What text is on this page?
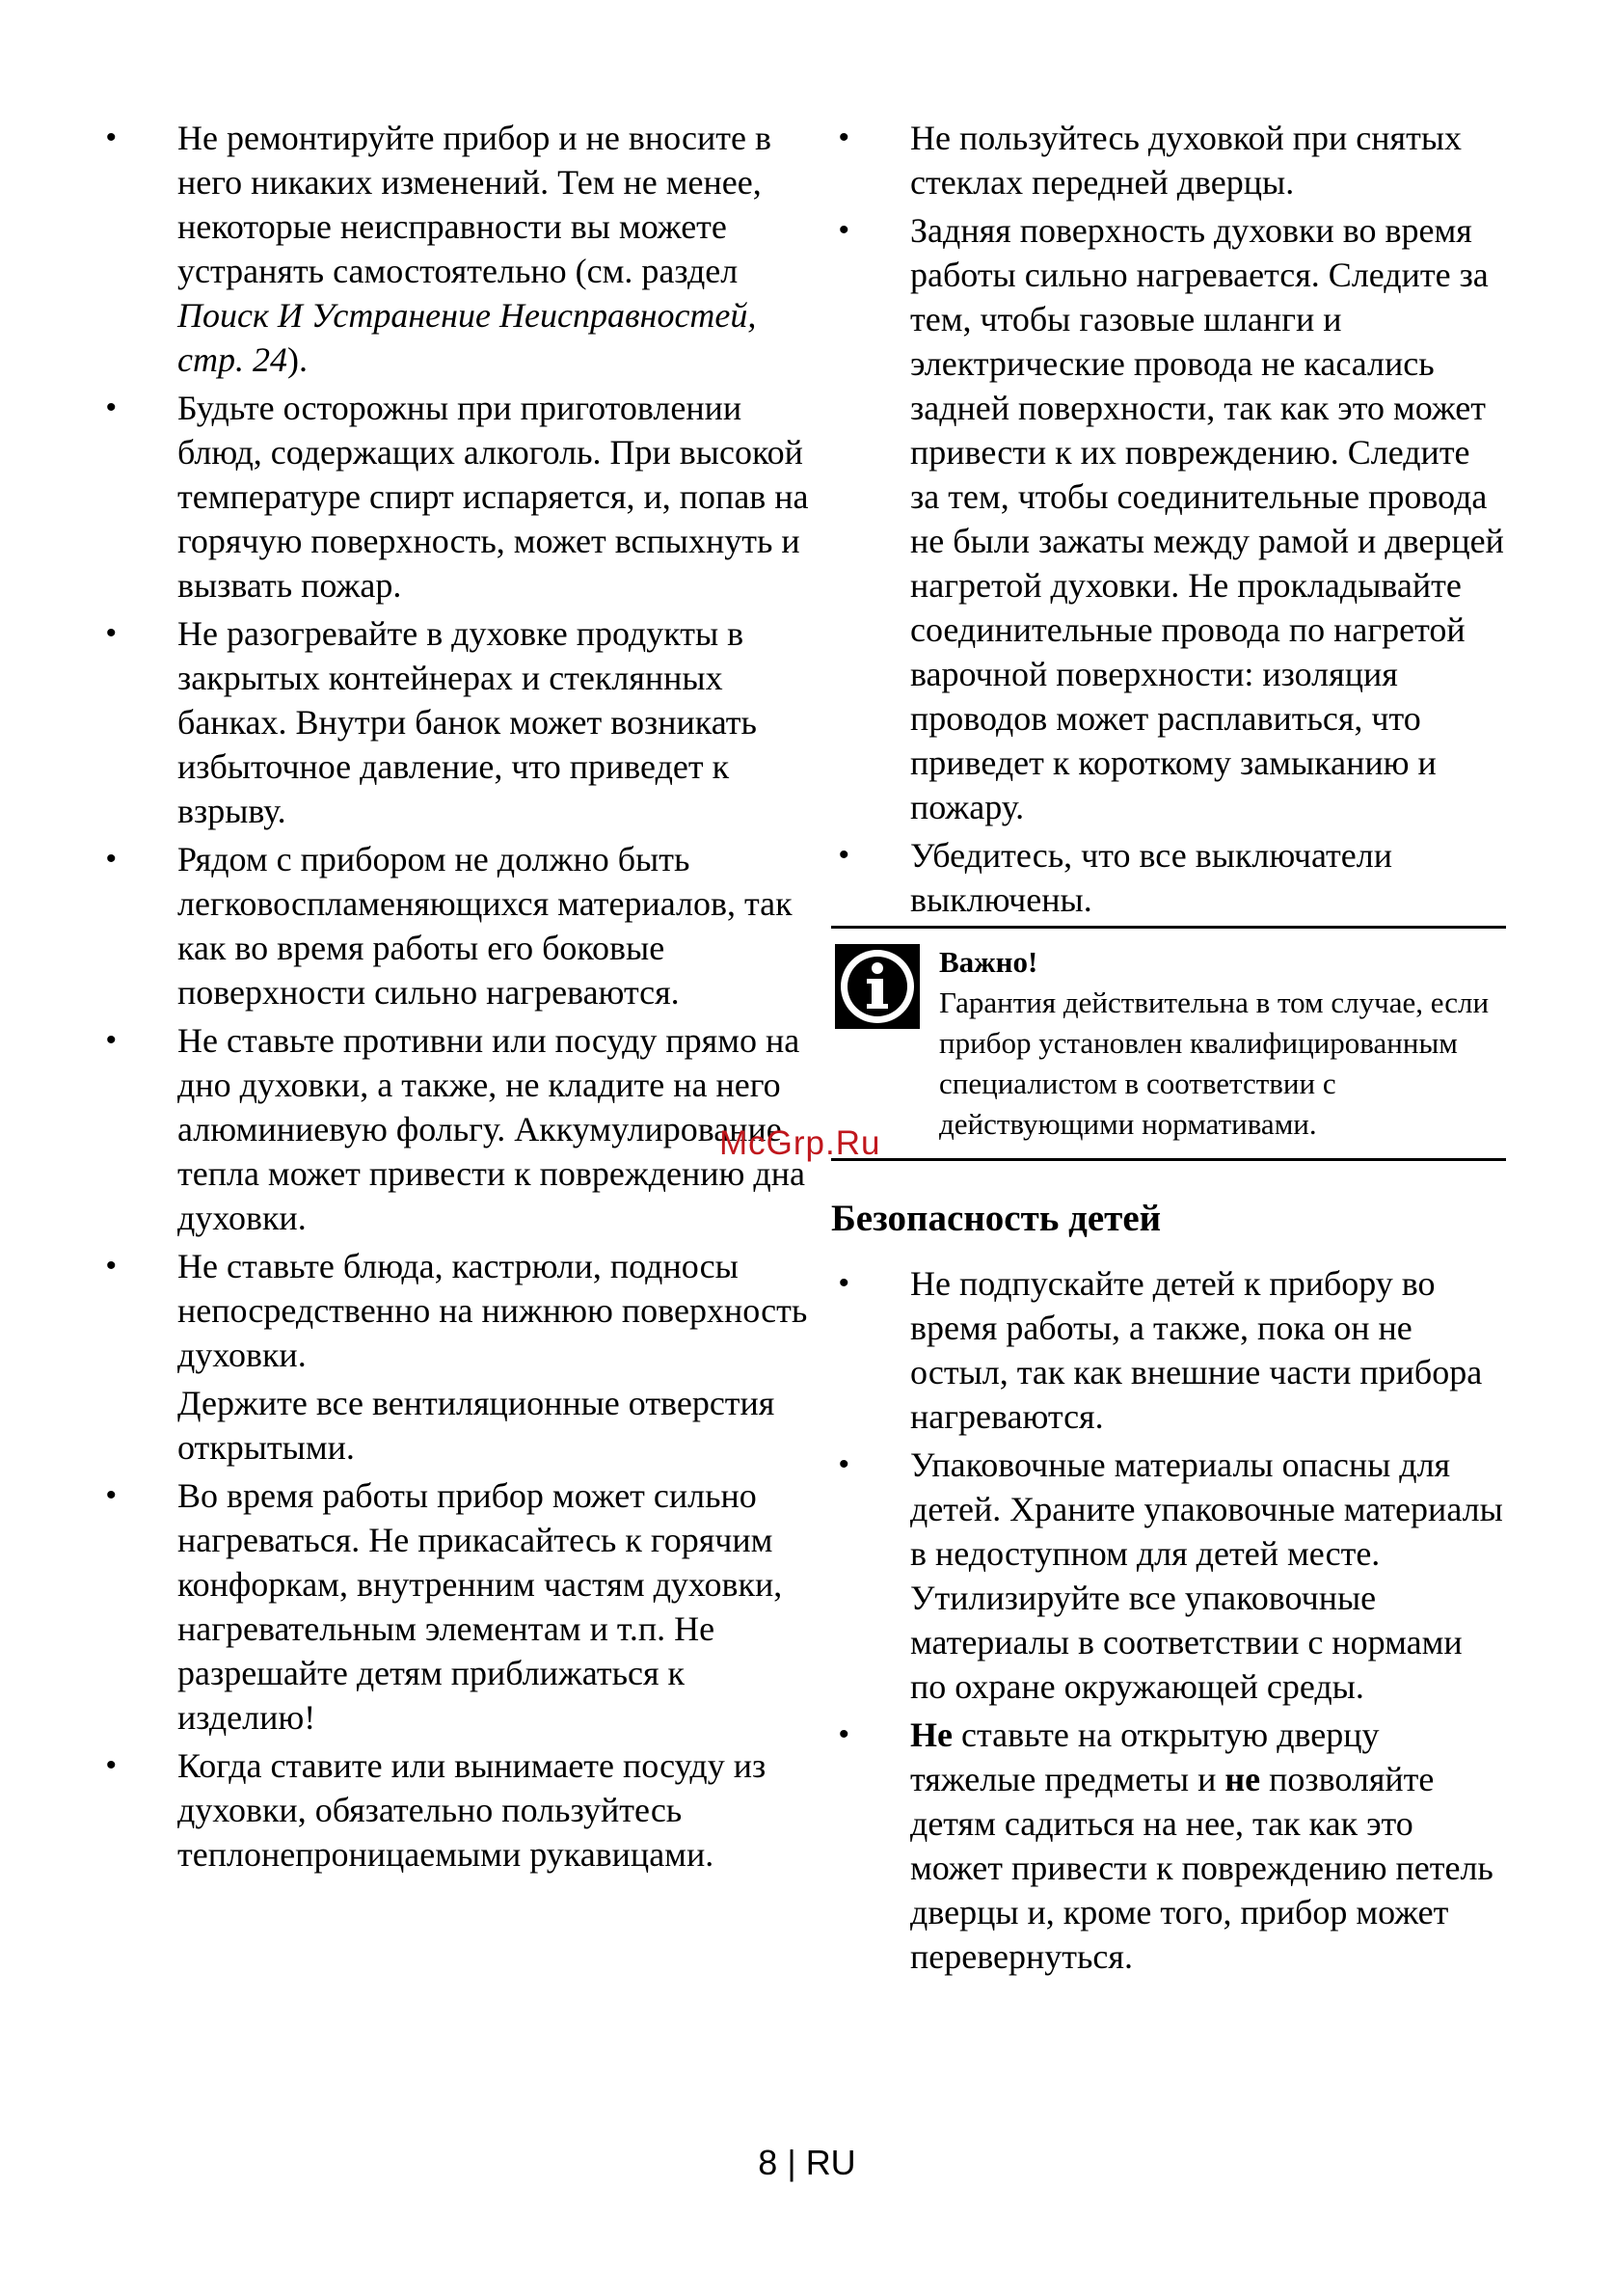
• Не ремонтируйте прибор и не вносите в него никаких изменений. Тем не менее, некоторые неисправности вы можете устранять самостоятельно (см. раздел Поиск И Устранение Неисправностей, стр. 24).
• Будьте осторожны при приготовлении блюд, содержащих алкоголь. При высокой температуре спирт испаряется, и, попав на горячую поверхность, может вспыхнуть и вызвать пожар.
• Не разогревайте в духовке продукты в закрытых контейнерах и стеклянных банках. Внутри банок может возникать избыточное давление, что приведет к взрыву.
• Рядом с прибором не должно быть легковоспламеняющихся материалов, так как во время работы его боковые поверхности сильно нагреваются.
• Не ставьте противни или посуду прямо на дно духовки, а также, не кладите на него алюминиевую фольгу. Аккумулирование тепла может привести к повреждению дна духовки.
• Не ставьте блюда, кастрюли, подносы непосредственно на нижнюю поверхность духовки.
Держите все вентиляционные отверстия открытыми.
• Во время работы прибор может сильно нагреваться. Не прикасайтесь к горячим конфоркам, внутренним частям духовки, нагревательным элементам и т.п. Не разрешайте детям приближаться к изделию!
• Когда ставите или вынимаете посуду из духовки, обязательно пользуйтесь теплонепроницаемыми рукавицами.
• Не пользуйтесь духовкой при снятых стеклах передней дверцы.
• Задняя поверхность духовки во время работы сильно нагревается. Следите за тем, чтобы газовые шланги и электрические провода не касались задней поверхности, так как это может привести к их повреждению. Следите за тем, чтобы соединительные провода не были зажаты между рамой и дверцей нагретой духовки. Не прокладывайте соединительные провода по нагретой варочной поверхности: изоляция проводов может расплавиться, что приведет к короткому замыканию и пожару.
• Убедитесь, что все выключатели выключены.
Важно!
Гарантия действительна в том случае, если прибор установлен квалифицированным специалистом в соответствии с действующими нормативами.
Безопасность детей
• Не подпускайте детей к прибору во время работы, а также, пока он не остыл, так как внешние части прибора нагреваются.
• Упаковочные материалы опасны для детей. Храните упаковочные материалы в недоступном для детей месте. Утилизируйте все упаковочные материалы в соответствии с нормами по охране окружающей среды.
• Не ставьте на открытую дверцу тяжелые предметы и не позволяйте детям садиться на нее, так как это может привести к повреждению петель дверцы и, кроме того, прибор может перевернуться.
McGrp.Ru
8 | RU
